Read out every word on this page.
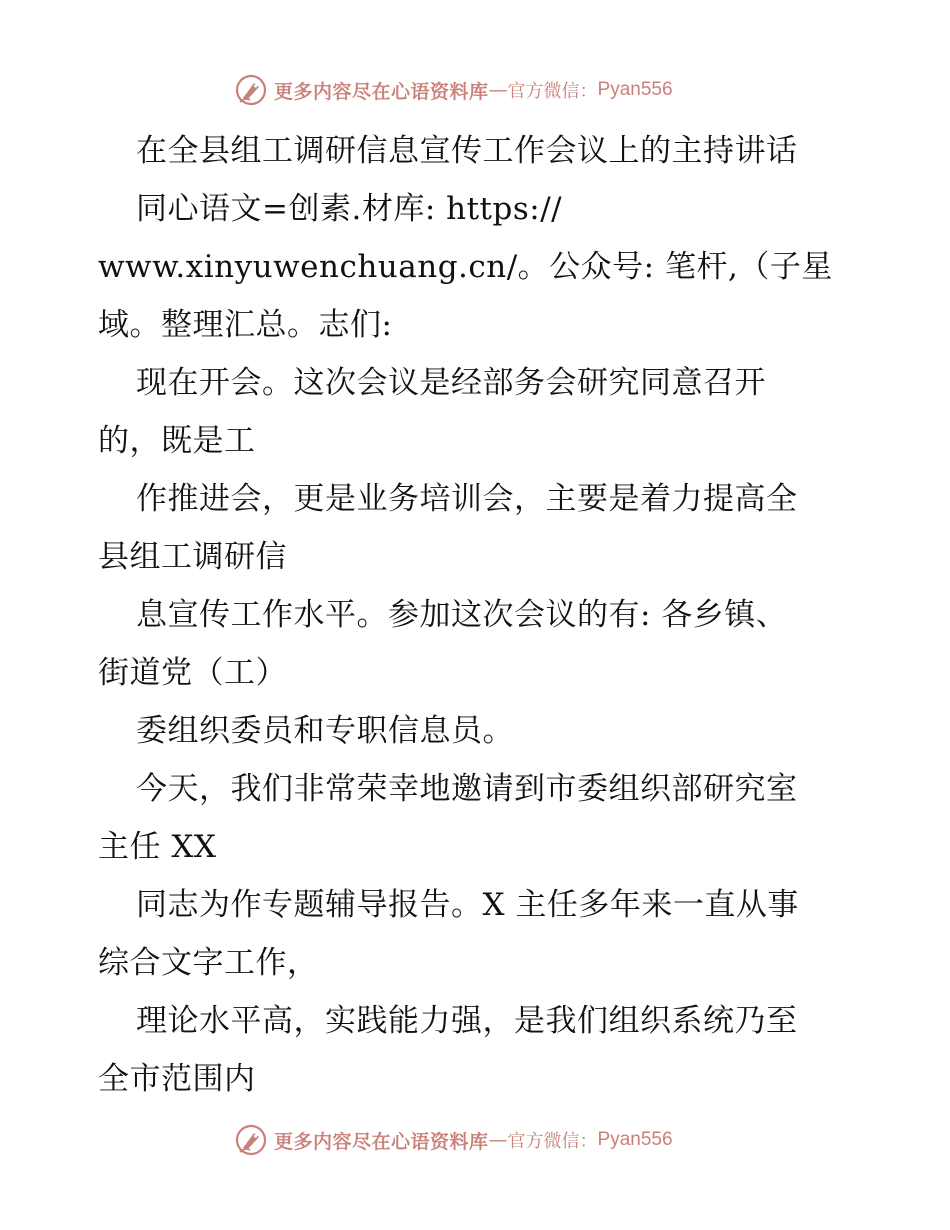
更多内容尽在心语资料库 — 官方微信： Pyan556
在全县组工调研信息宣传工作会议上的主持讲话
同心语文=创素.材库: https://
www.xinyuwenchuang.cn/。公众号: 笔杆,（子星
域。整理汇总。志们:
现在开会。这次会议是经部务会研究同意召开
的，既是工
作推进会，更是业务培训会，主要是着力提高全
县组工调研信
息宣传工作水平。参加这次会议的有: 各乡镇、
街道党（工）
委组织委员和专职信息员。
今天，我们非常荣幸地邀请到市委组织部研究室
主任 XX
同志为作专题辅导报告。X 主任多年来一直从事
综合文字工作，
理论水平高，实践能力强，是我们组织系统乃至
全市范围内
更多内容尽在心语资料库 — 官方微信： Pyan556
